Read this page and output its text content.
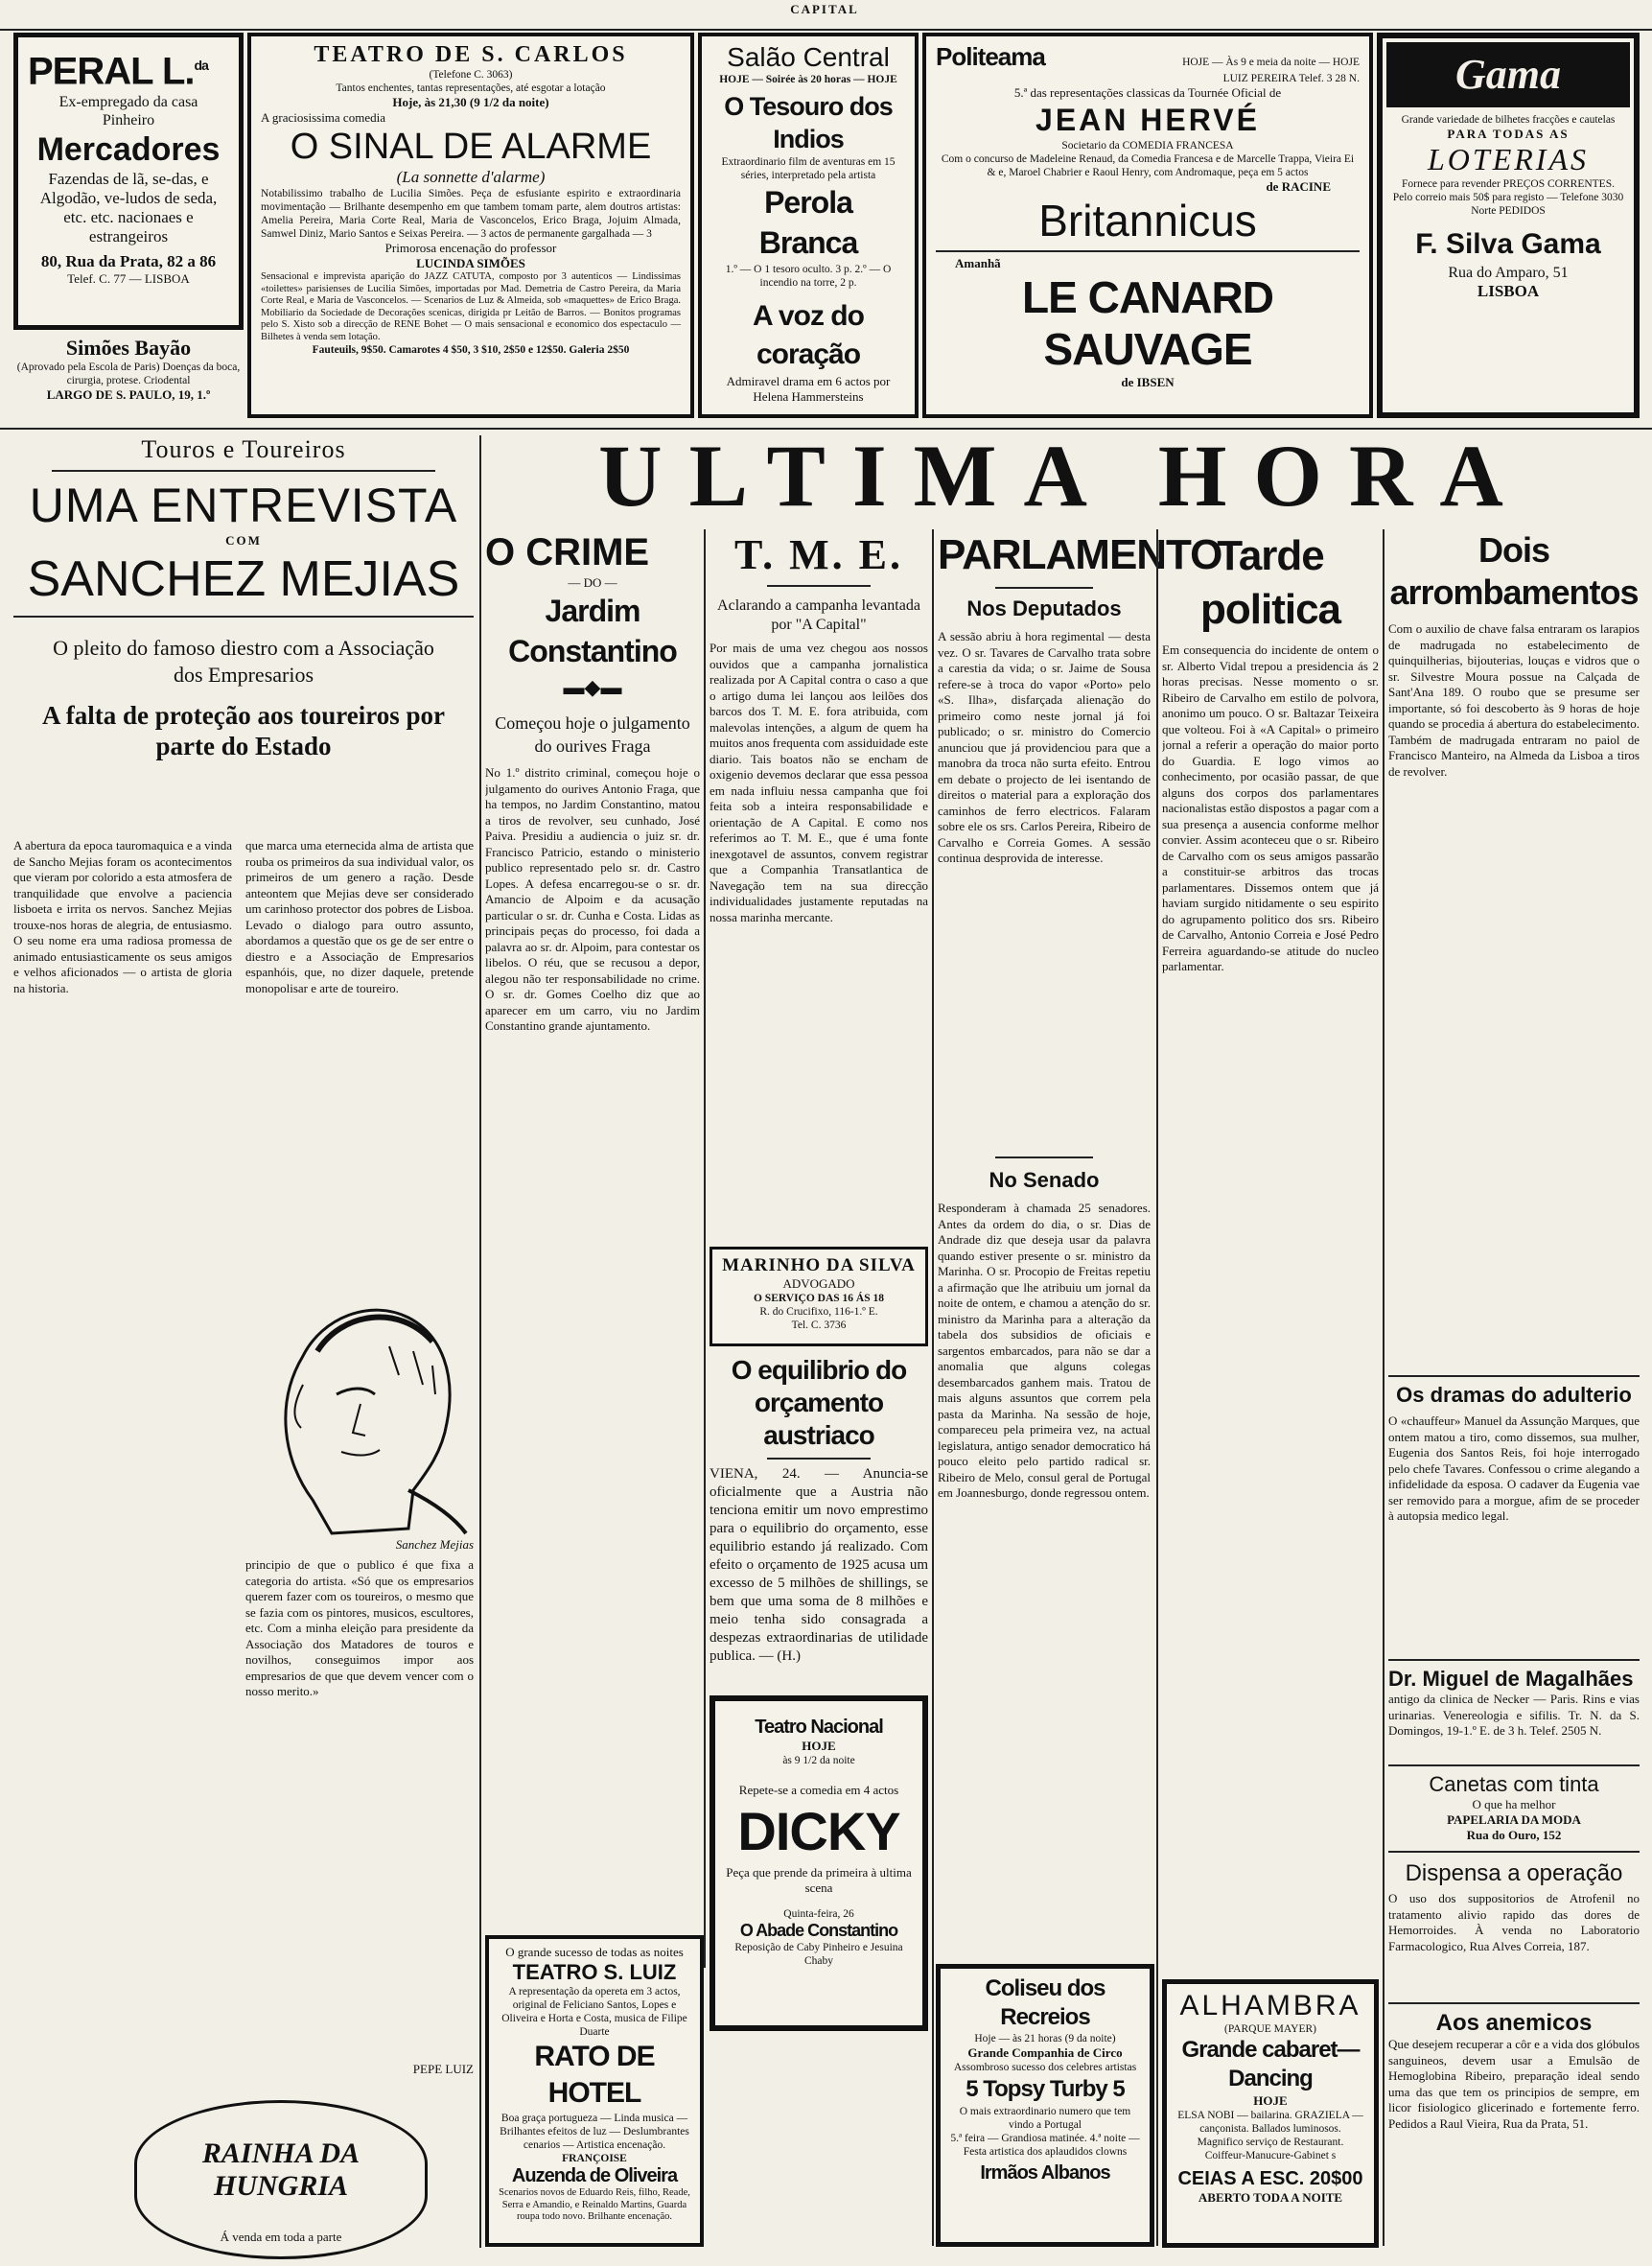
CAPITAL
PERAL L.$^{da}$
Ex-empregado da casa
Pinheiro
Mercadores
Fazendas de lã, se-das, e Algodão, ve-ludos de seda, etc. etc. nacionaes e estrangeiros
80, Rua da Prata, 82 a 86
Telef. C. 77 — LISBOA
Simões Bayão
(Aprovado pela Escola de Paris) Doenças da boca, cirurgia, protese. Criodental
LARGO DE S. PAULO, 19, 1.º
TEATRO DE S. CARLOS
(Telefone C. 3063)
Tantos enchentes, tantas representações, até esgotar a lotação
Hoje, às 21,30 (9 1/2 da noite)
A graciosissima comedia
O SINAL DE ALARME
(La sonnette d'alarme)
Notabilissimo trabalho de Lucilia Simões. Peça de esfusiante espirito e extraordinaria movimentação — Brilhante desempenho em que tambem tomam parte, alem doutros artistas: Amelia Pereira, Maria Corte Real, Maria de Vasconcelos, Erico Braga, Jojuim Almada, Samwel Diniz, Mario Santos e Seixas Pereira. — 3 actos de permanente gargalhada — 3
Primorosa encenação do professor
LUCINDA SIMÕES
Sensacional e imprevista aparição do JAZZ CATUTA, composto por 3 autenticos — Lindissimas «toilettes» parisienses de Lucilia Simões, importadas por Mad. Demetria de Castro Pereira, da Maria Corte Real, e Maria de Vasconcelos. — Scenarios de Luz & Almeida, sob «maquettes» de Erico Braga. Mobiliario da Sociedade de Decorações scenicas, dirigida pr Leitão de Barros. — Bonitos programas pelo S. Xisto sob a direcção de RENE Bohet — O mais sensacional e economico dos espectaculo — Bilhetes à venda sem lotação.
Fauteuils, 9$50. Camarotes 4 $50, 3 $10, 2$50 e 12$50. Galeria 2$50
Salão Central
HOJE — Soirée às 20 horas — HOJE
O Tesouro dos Indios
Extraordinario film de aventuras em 15 séries, interpretado pela artista
Perola Branca
1.º — O 1 tesoro oculto. 3 p. 2.º — O incendio na torre, 2 p.
A voz do coração
Admiravel drama em 6 actos por Helena Hammersteins
Politeama	HOJE — Às 9 e meia da noite — HOJE
LUIZ PEREIRA Telef. 3 28 N.
5.ª das representações classicas da Tournée Oficial de
JEAN HERVÉ
Societario da COMEDIA FRANCESA
Com o concurso de Madeleine Renaud, da Comedia Francesa e de Marcelle Trappa, Vieira Ei & e, Maroel Chabrier e Raoul Henry, com Andromaque, peça em 5 actos
de RACINE
Britannicus
Amanhã
LE CANARD SAUVAGE
de IBSEN
Gama
Grande variedade de bilhetes fracções e cautelas
PARA TODAS AS
LOTERIAS
Fornece para revender PREÇOS CORRENTES. Pelo correio mais 50$ para registo — Telefone 3030 Norte PEDIDOS
F. Silva Gama
Rua do Amparo, 51
LISBOA
Touros e Toureiros
UMA ENTREVISTA
COM
SANCHEZ MEJIAS
O pleito do famoso diestro com a Associação dos Empresarios
A falta de proteção aos toureiros por parte do Estado
A abertura da epoca tauromaquica e a vinda de Sancho Mejias foram os acontecimentos que vieram por colorido a esta atmosfera de tranquilidade que envolve a paciencia lisboeta e irrita os nervos. Sanchez Mejias trouxe-nos horas de alegria, de entusiasmo. O seu nome era uma radiosa promessa de animado entusiasticamente os seus amigos e velhos aficionados — o artista de gloria na historia.
que marca uma eternecida alma de artista que rouba os primeiros da sua individual valor, os primeiros de um genero a ração. Desde anteontem que Mejias deve ser considerado um carinhoso protector dos pobres de Lisboa. Levado o dialogo para outro assunto, abordamos a questão que os ge de ser entre o diestro e a Associação de Empresarios espanhóis, que, no dizer daquele, pretende monopolisar e arte de toureiro.
Sanchez Mejias
principio de que o publico é que fixa a categoria do artista. «Só que os empresarios querem fazer com os toureiros, o mesmo que se fazia com os pintores, musicos, escultores, etc. Com a minha eleição para presidente da Associação dos Matadores de touros e novilhos, conseguimos impor aos empresarios de que que devem vencer com o nosso merito.»
PEPE LUIZ
RAINHA DA HUNGRIA
Á venda em toda a parte
ULTIMA HORA
O CRIME
— DO —
Jardim Constantino
▬◆▬
Começou hoje o julgamento do ourives Fraga
No 1.º distrito criminal, começou hoje o julgamento do ourives Antonio Fraga, que ha tempos, no Jardim Constantino, matou a tiros de revolver, seu cunhado, José Paiva. Presidiu a audiencia o juiz sr. dr. Francisco Patricio, estando o ministerio publico representado pelo sr. dr. Castro Lopes. A defesa encarregou-se o sr. dr. Amancio de Alpoim e da acusação particular o sr. dr. Cunha e Costa. Lidas as principais peças do processo, foi dada a palavra ao sr. dr. Alpoim, para contestar os libelos. O réu, que se recusou a depor, alegou não ter responsabilidade no crime. O sr. dr. Gomes Coelho diz que ao aparecer em um carro, viu no Jardim Constantino grande ajuntamento.
O grande sucesso de todas as noites
TEATRO S. LUIZ
A representação da opereta em 3 actos, original de Feliciano Santos, Lopes e Oliveira e Horta e Costa, musica de Filipe Duarte
RATO DE HOTEL
Boa graça portugueza — Linda musica — Brilhantes efeitos de luz — Deslumbrantes cenarios — Artistica encenação.
FRANÇOISE
Auzenda de Oliveira
Scenarios novos de Eduardo Reis, filho, Reade, Serra e Amandio, e Reinaldo Martins, Guarda roupa todo novo. Brilhante encenação.
T. M. E.
Aclarando a campanha levantada por "A Capital"
Por mais de uma vez chegou aos nossos ouvidos que a campanha jornalistica realizada por A Capital contra o caso a que o artigo duma lei lançou aos leilões dos barcos dos T. M. E. fora atribuida, com malevolas intenções, a algum de quem ha muitos anos frequenta com assiduidade este diario. Tais boatos não se encham de oxigenio devemos declarar que essa pessoa em nada influiu nessa campanha que foi feita sob a inteira responsabilidade e orientação de A Capital. E como nos referimos ao T. M. E., que é uma fonte inexgotavel de assuntos, convem registrar que a Companhia Transatlantica de Navegação tem na sua direcção individualidades justamente reputadas na nossa marinha mercante.
MARINHO DA SILVA
ADVOGADO
O SERVIÇO DAS 16 ÁS 18
R. do Crucifixo, 116-1.º E.
Tel. C. 3736
O equilibrio do orçamento austriaco
VIENA, 24. — Anuncia-se oficialmente que a Austria não tenciona emitir um novo emprestimo para o equilibrio do orçamento, esse equilibrio estando já realizado. Com efeito o orçamento de 1925 acusa um excesso de 5 milhões de shillings, se bem que uma soma de 8 milhões e meio tenha sido consagrada a despezas extraordinarias de utilidade publica. — (H.)
Teatro Nacional
HOJE
às 9 1/2 da noite
Repete-se a comedia em 4 actos
DICKY
Peça que prende da primeira à ultima scena
Quinta-feira, 26
O Abade Constantino
Reposição de Caby Pinheiro e Jesuina Chaby
PARLAMENTO
Nos Deputados
A sessão abriu à hora regimental — desta vez. O sr. Tavares de Carvalho trata sobre a carestia da vida; o sr. Jaime de Sousa refere-se à troca do vapor «Porto» pelo «S. Ilha», disfarçada alienação do primeiro como neste jornal já foi publicado; o sr. ministro do Comercio anunciou que já providenciou para que a manobra da troca não surta efeito. Entrou em debate o projecto de lei isentando de direitos o material para a exploração dos caminhos de ferro electricos. Falaram sobre ele os srs. Carlos Pereira, Ribeiro de Carvalho e Correia Gomes. A sessão continua desprovida de interesse.
No Senado
Responderam à chamada 25 senadores. Antes da ordem do dia, o sr. Dias de Andrade diz que deseja usar da palavra quando estiver presente o sr. ministro da Marinha. O sr. Procopio de Freitas repetiu a afirmação que lhe atribuiu um jornal da noite de ontem, e chamou a atenção do sr. ministro da Marinha para a alteração da tabela dos subsidios de oficiais e sargentos embarcados, para não se dar a anomalia que alguns colegas desembarcados ganhem mais. Tratou de mais alguns assuntos que correm pela pasta da Marinha. Na sessão de hoje, compareceu pela primeira vez, na actual legislatura, antigo senador democratico há pouco eleito pelo partido radical sr. Ribeiro de Melo, consul geral de Portugal em Joannesburgo, donde regressou ontem.
Coliseu dos Recreios
Hoje — às 21 horas (9 da noite)
Grande Companhia de Circo
Assombroso sucesso dos celebres artistas
5 Topsy Turby 5
O mais extraordinario numero que tem vindo a Portugal
5.ª feira — Grandiosa matinée. 4.ª noite — Festa artistica dos aplaudidos clowns
Irmãos Albanos
Tarde politica
Em consequencia do incidente de ontem o sr. Alberto Vidal trepou a presidencia ás 2 horas precisas. Nesse momento o sr. Ribeiro de Carvalho em estilo de polvora, anonimo um pouco. O sr. Baltazar Teixeira que volteou. Foi à «A Capital» o primeiro jornal a referir a operação do maior porto do Guardia. E logo vimos ao conhecimento, por ocasião passar, de que alguns dos corpos dos parlamentares nacionalistas estão dispostos a pagar com a sua presença a ausencia conforme melhor convier. Assim aconteceu que o sr. Ribeiro de Carvalho com os seus amigos passarão a constituir-se arbitros das trocas parlamentares. Dissemos ontem que já haviam surgido nitidamente o seu espirito do agrupamento politico dos srs. Ribeiro de Carvalho, Antonio Correia e José Pedro Ferreira aguardando-se atitude do nucleo parlamentar.
ALHAMBRA
(PARQUE MAYER)
Grande cabaret—Dancing
HOJE
ELSA NOBI — bailarina. GRAZIELA — cançonista. Ballados luminosos. Magnifico serviço de Restaurant. Coiffeur-Manucure-Gabinet s
CEIAS A ESC. 20$00
ABERTO TODA A NOITE
Dois arrombamentos
Com o auxilio de chave falsa entraram os larapios de madrugada no estabelecimento de quinquilherias, bijouterias, louças e vidros que o sr. Silvestre Moura possue na Calçada de Sant'Ana 189. O roubo que se presume ser importante, só foi descoberto às 9 horas de hoje quando se procedia á abertura do estabelecimento. Também de madrugada entraram no paiol de Francisco Manteiro, na Almeda da Lisboa a tiros de revolver.
Os dramas do adulterio
O «chauffeur» Manuel da Assunção Marques, que ontem matou a tiro, como dissemos, sua mulher, Eugenia dos Santos Reis, foi hoje interrogado pelo chefe Tavares. Confessou o crime alegando a infidelidade da esposa. O cadaver da Eugenia vae ser removido para a morgue, afim de se proceder à autopsia medico legal.
Dr. Miguel de Magalhães
antigo da clinica de Necker — Paris. Rins e vias urinarias. Venereologia e sifilis. Tr. N. da S. Domingos, 19-1.º E. de 3 h. Telef. 2505 N.
Canetas com tinta
O que ha melhor
PAPELARIA DA MODA
Rua do Ouro, 152
Dispensa a operação
O uso dos suppositorios de Atrofenil no tratamento alivio rapido das dores de Hemorroides. À venda no Laboratorio Farmacologico, Rua Alves Correia, 187.
Aos anemicos
Que desejem recuperar a côr e a vida dos glóbulos sanguineos, devem usar a Emulsão de Hemoglobina Ribeiro, preparação ideal sendo uma das que tem os principios de sempre, em licor fisiologico glicerinado e fortemente ferro. Pedidos a Raul Vieira, Rua da Prata, 51.
